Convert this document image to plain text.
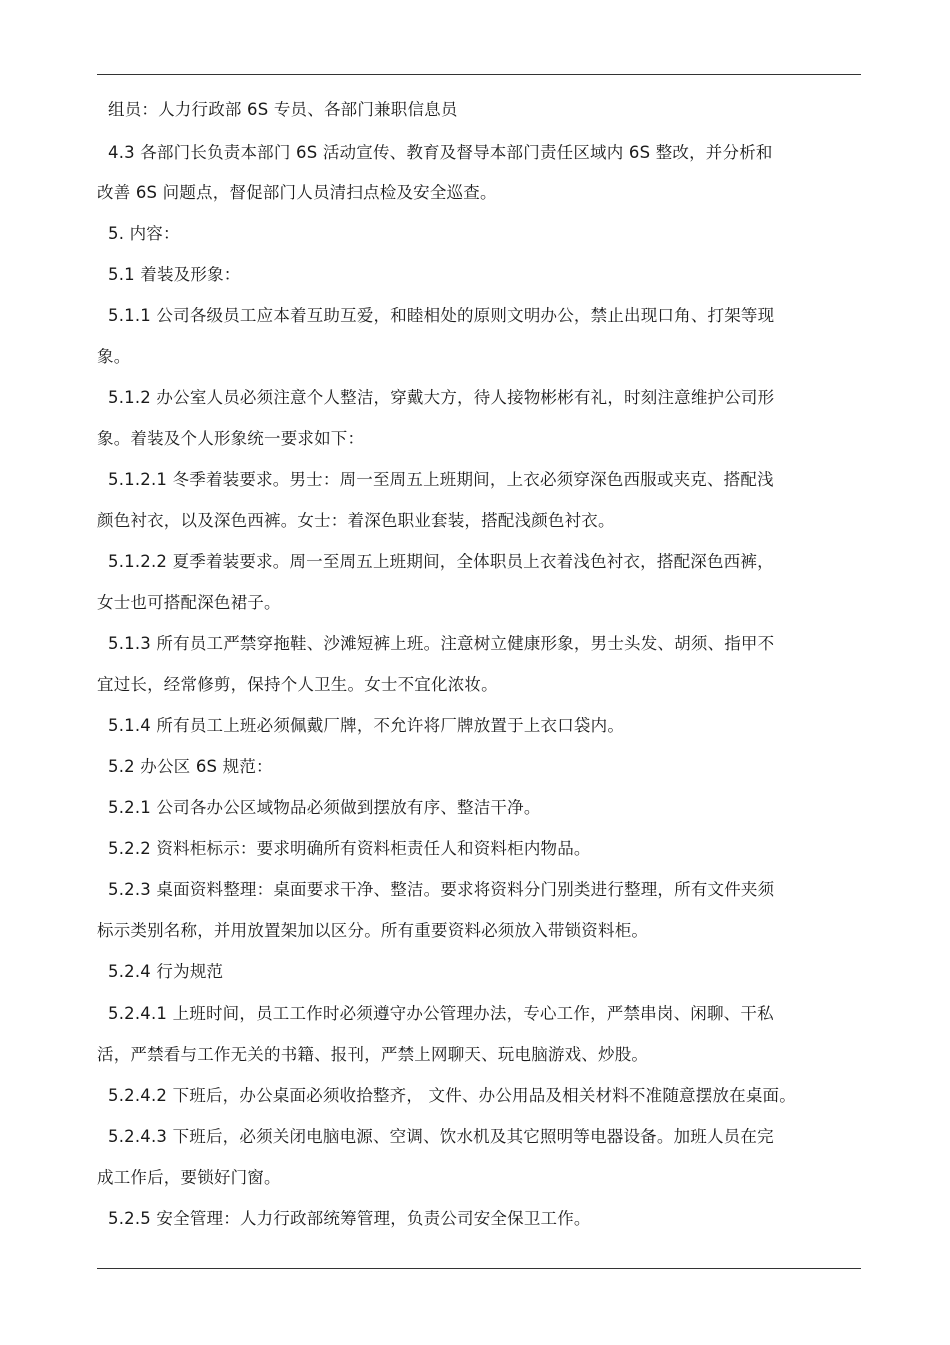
组员：人力行政部 6S 专员、各部门兼职信息员
4.3 各部门长负责本部门 6S 活动宣传、教育及督导本部门责任区域内 6S 整改，并分析和
改善 6S 问题点，督促部门人员清扫点检及安全巡查。
5. 内容：
5.1 着装及形象：
5.1.1 公司各级员工应本着互助互爱，和睦相处的原则文明办公，禁止出现口角、打架等现
象。
5.1.2 办公室人员必须注意个人整洁，穿戴大方，待人接物彬彬有礼，时刻注意维护公司形
象。着装及个人形象统一要求如下：
5.1.2.1 冬季着装要求。男士：周一至周五上班期间，上衣必须穿深色西服或夹克、搭配浅
颜色衬衣，以及深色西裤。女士：着深色职业套装，搭配浅颜色衬衣。
5.1.2.2 夏季着装要求。周一至周五上班期间，全体职员上衣着浅色衬衣，搭配深色西裤，
女士也可搭配深色裙子。
5.1.3 所有员工严禁穿拖鞋、沙滩短裤上班。注意树立健康形象，男士头发、胡须、指甲不
宜过长，经常修剪，保持个人卫生。女士不宜化浓妆。
5.1.4 所有员工上班必须佩戴厂牌，不允许将厂牌放置于上衣口袋内。
5.2 办公区 6S 规范：
5.2.1 公司各办公区域物品必须做到摆放有序、整洁干净。
5.2.2 资料柜标示：要求明确所有资料柜责任人和资料柜内物品。
5.2.3 桌面资料整理：桌面要求干净、整洁。要求将资料分门别类进行整理，所有文件夹须
标示类别名称，并用放置架加以区分。所有重要资料必须放入带锁资料柜。
5.2.4 行为规范
5.2.4.1 上班时间，员工工作时必须遵守办公管理办法，专心工作，严禁串岗、闲聊、干私
活，严禁看与工作无关的书籍、报刊，严禁上网聊天、玩电脑游戏、炒股。
5.2.4.2 下班后，办公桌面必须收拾整齐， 文件、办公用品及相关材料不准随意摆放在桌面。
5.2.4.3 下班后，必须关闭电脑电源、空调、饮水机及其它照明等电器设备。加班人员在完
成工作后，要锁好门窗。
5.2.5 安全管理：人力行政部统筹管理，负责公司安全保卫工作。
